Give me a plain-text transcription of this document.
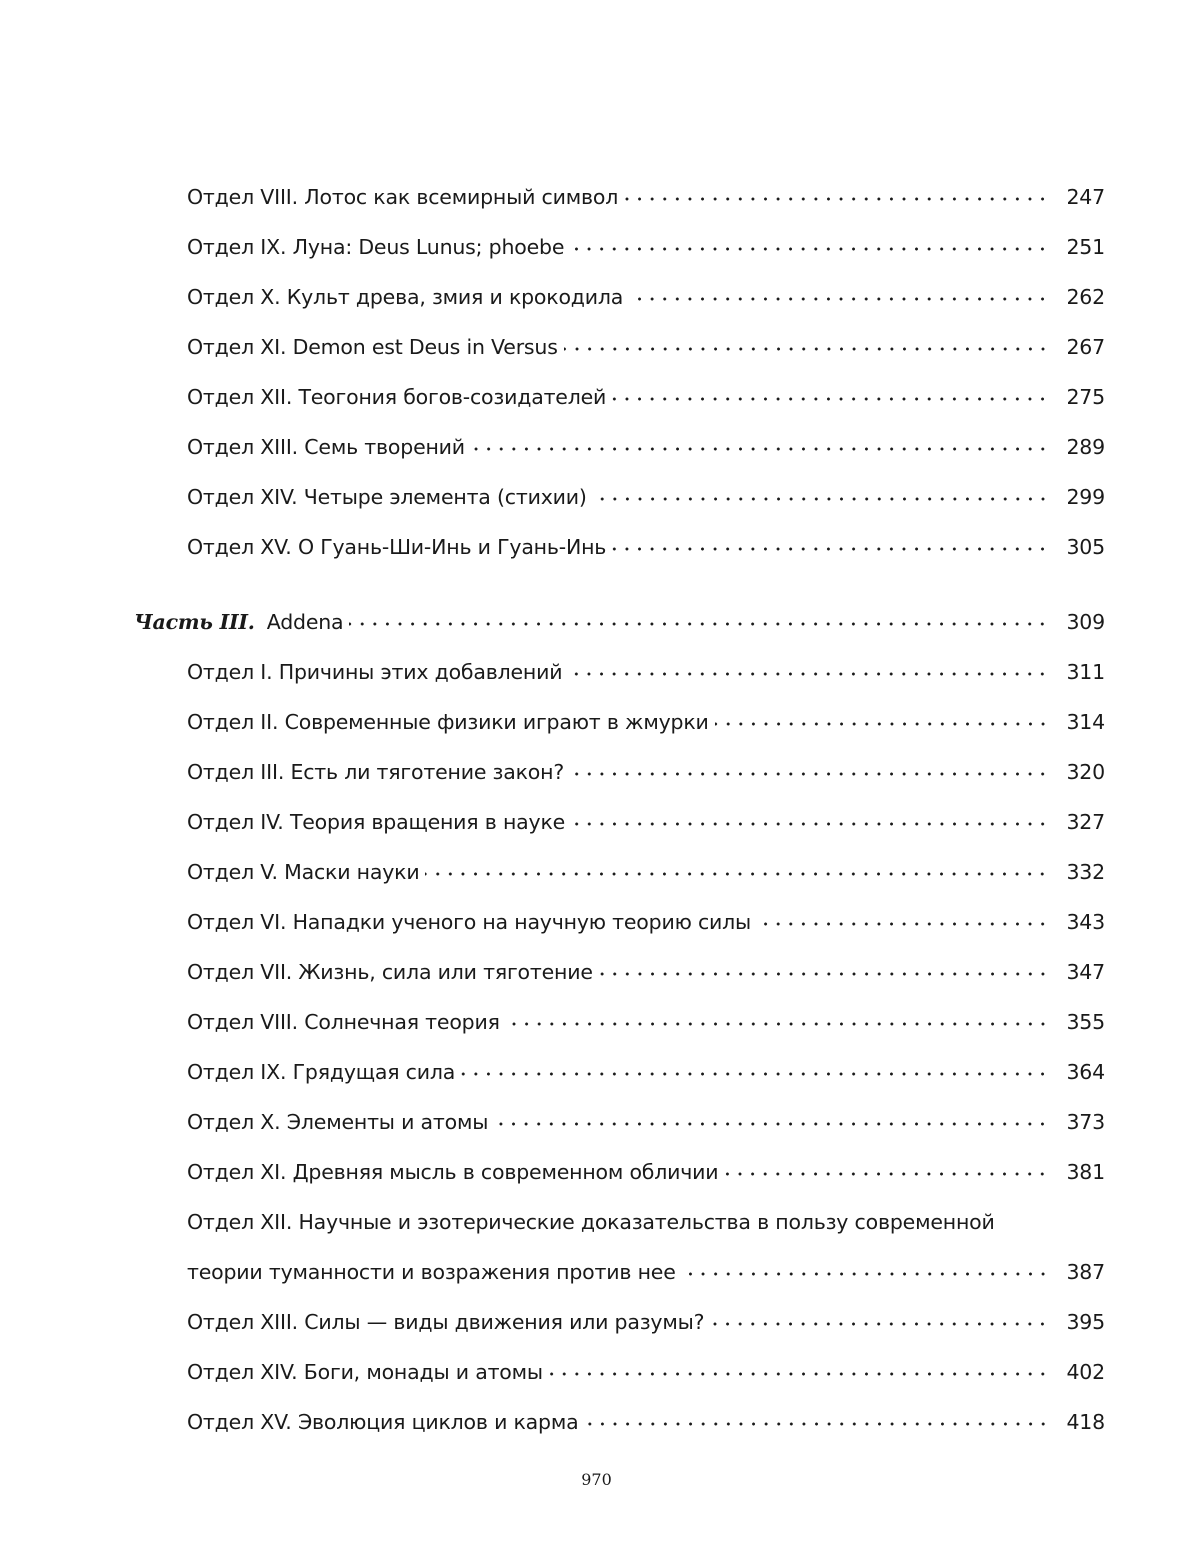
Отдел VIII. Лотос как всемирный символ	247
Отдел IX. Луна: Deus Lunus; phoebe	251
Отдел X. Культ древа, змия и крокодила	262
Отдел XI. Demon est Deus in Versus	267
Отдел XII. Теогония богов-созидателей	275
Отдел XIII. Семь творений	289
Отдел XIV. Четыре элемента (стихии)	299
Отдел XV. О Гуань-Ши-Инь и Гуань-Инь	305
Часть III. Addena	309
Отдел I. Причины этих добавлений	311
Отдел II. Современные физики играют в жмурки	314
Отдел III. Есть ли тяготение закон?	320
Отдел IV. Теория вращения в науке	327
Отдел V. Маски науки	332
Отдел VI. Нападки ученого на научную теорию силы	343
Отдел VII. Жизнь, сила или тяготение	347
Отдел VIII. Солнечная теория	355
Отдел IX. Грядущая сила	364
Отдел X. Элементы и атомы	373
Отдел XI. Древняя мысль в современном обличии	381
Отдел XII. Научные и эзотерические доказательства в пользу современной
теории туманности и возражения против нее	387
Отдел XIII. Силы — виды движения или разумы?	395
Отдел XIV. Боги, монады и атомы	402
Отдел XV. Эволюция циклов и карма	418
970
